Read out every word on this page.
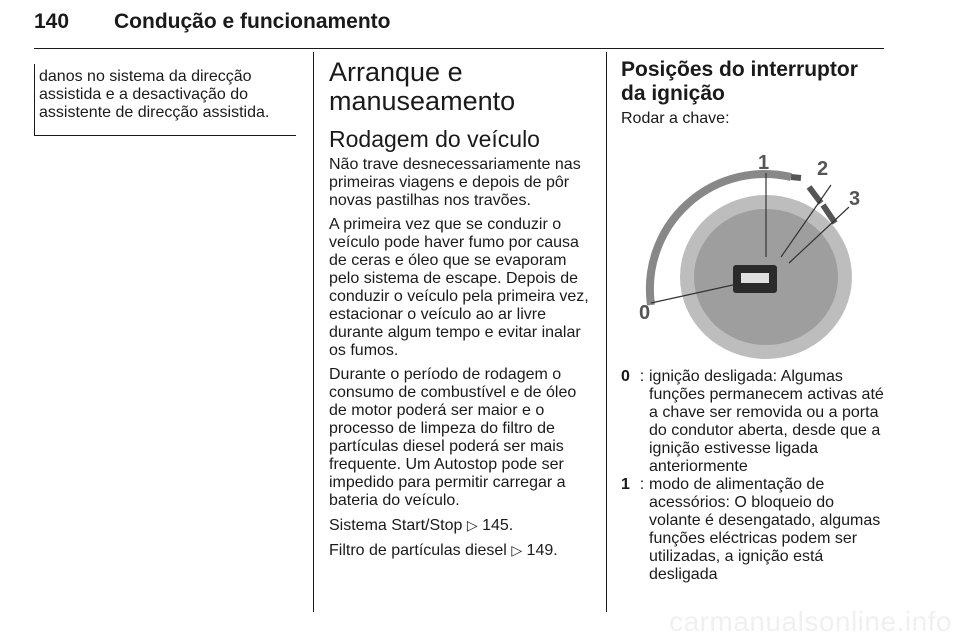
140 Condução e funcionamento
danos no sistema da direcção assistida e a desactivação do assistente de direcção assistida.
Arranque e manuseamento
Rodagem do veículo

Não trave desnecessariamente nas primeiras viagens e depois de pôr novas pastilhas nos travões.

A primeira vez que se conduzir o veículo pode haver fumo por causa de ceras e óleo que se evaporam pelo sistema de escape. Depois de conduzir o veículo pela primeira vez, estacionar o veículo ao ar livre durante algum tempo e evitar inalar os fumos.

Durante o período de rodagem o consumo de combustível e de óleo de motor poderá ser maior e o processo de limpeza do filtro de partículas diesel poderá ser mais frequente. Um Autostop pode ser impedido para permitir carregar a bateria do veículo.

Sistema Start/Stop ▷ 145.

Filtro de partículas diesel ▷ 149.

Posições do interruptor da ignição

Rodar a chave:

1 2
3
0
0 : ignição desligada: Algumas funções permanecem activas até a chave ser removida ou a porta do condutor aberta, desde que a ignição estivesse ligada anteriormente
1 : modo de alimentação de acessórios: O bloqueio do volante é desengatado, algumas funções eléctricas podem ser utilizadas, a ignição está desligada
carmanualsonline.info
